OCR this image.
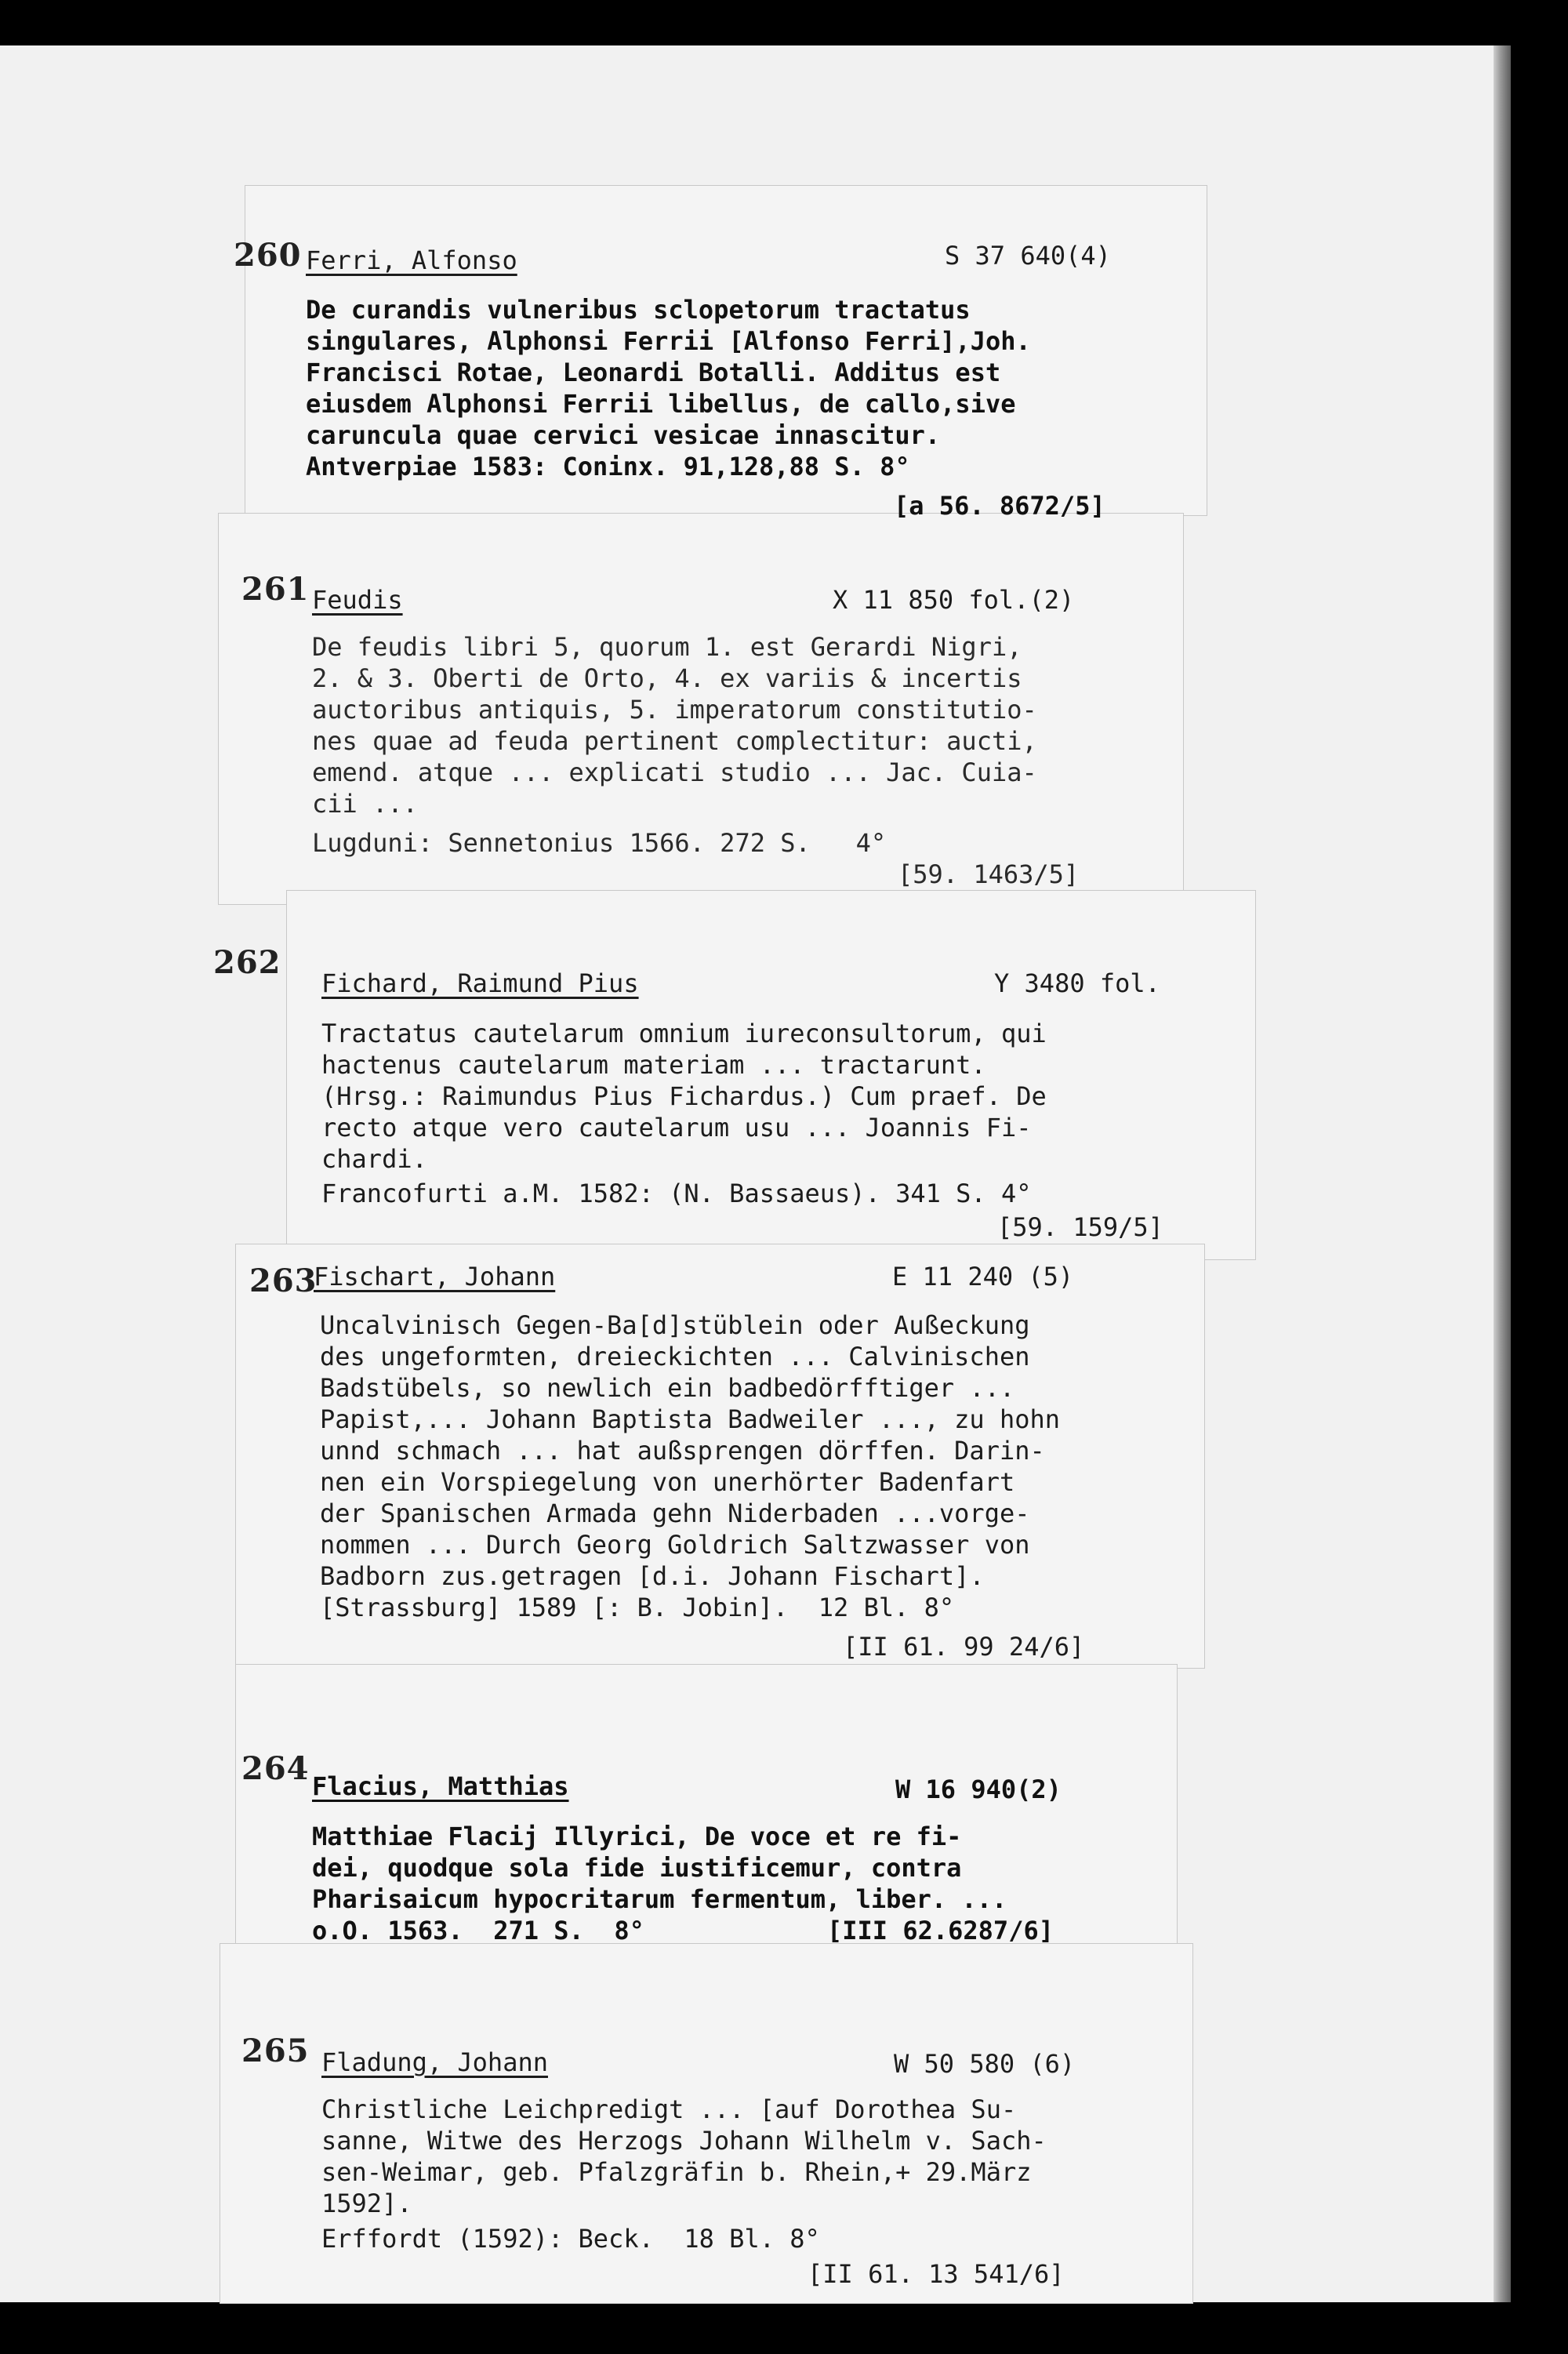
260 Ferri, Alfonso	S 37 640(4)
De curandis vulneribus sclopetorum tractatus
singulares, Alphonsi Ferrii [Alfonso Ferri],Joh.
Francisci Rotae, Leonardi Botalli. Additus est
eiusdem Alphonsi Ferrii libellus, de callo,sive
caruncula quae cervici vesicae innascitur.
Antverpiae 1583: Coninx. 91,128,88 S. 8°
[a 56. 8672/5]
261 Feudis	X 11 850 fol.(2)
De feudis libri 5, quorum 1. est Gerardi Nigri,
2. & 3. Oberti de Orto, 4. ex variis & incertis
auctoribus antiquis, 5. imperatorum constitutio-
nes quae ad feuda pertinent complectitur: aucti,
emend. atque ... explicati studio ... Jac. Cuia-
cii ...
Lugduni: Sennetonius 1566. 272 S.   4°
[59. 1463/5]
262
Fichard, Raimund Pius	Y 3480 fol.
Tractatus cautelarum omnium iureconsultorum, qui
hactenus cautelarum materiam ... tractarunt.
(Hrsg.: Raimundus Pius Fichardus.) Cum praef. De
recto atque vero cautelarum usu ... Joannis Fi-
chardi.
Francofurti a.M. 1582: (N. Bassaeus). 341 S. 4°
[59. 159/5]
263
Fischart, Johann	E 11 240 (5)
Uncalvinisch Gegen-Ba[d]stüblein oder Außeckung
des ungeformten, dreieckichten ... Calvinischen
Badstübels, so newlich ein badbedörfftiger ...
Papist,... Johann Baptista Badweiler ..., zu hohn
unnd schmach ... hat außsprengen dörffen. Darin-
nen ein Vorspiegelung von unerhörter Badenfart
der Spanischen Armada gehn Niderbaden ...vorge-
nommen ... Durch Georg Goldrich Saltzwasser von
Badborn zus.getragen [d.i. Johann Fischart].
[Strassburg] 1589 [: B. Jobin].  12 Bl. 8°
[II 61. 99 24/6]
264 Flacius, Matthias	W 16 940(2)
Matthiae Flacij Illyrici, De voce et re fi-
dei, quodque sola fide iustificemur, contra
Pharisaicum hypocritarum fermentum, liber. ...
o.O. 1563.  271 S.  8°	[III 62.6287/6]
265 Fladung, Johann	W 50 580 (6)
Christliche Leichpredigt ... [auf Dorothea Su-
sanne, Witwe des Herzogs Johann Wilhelm v. Sach-
sen-Weimar, geb. Pfalzgräfin b. Rhein,+ 29.März
1592].
Erffordt (1592): Beck.  18 Bl. 8°
[II 61. 13 541/6]
